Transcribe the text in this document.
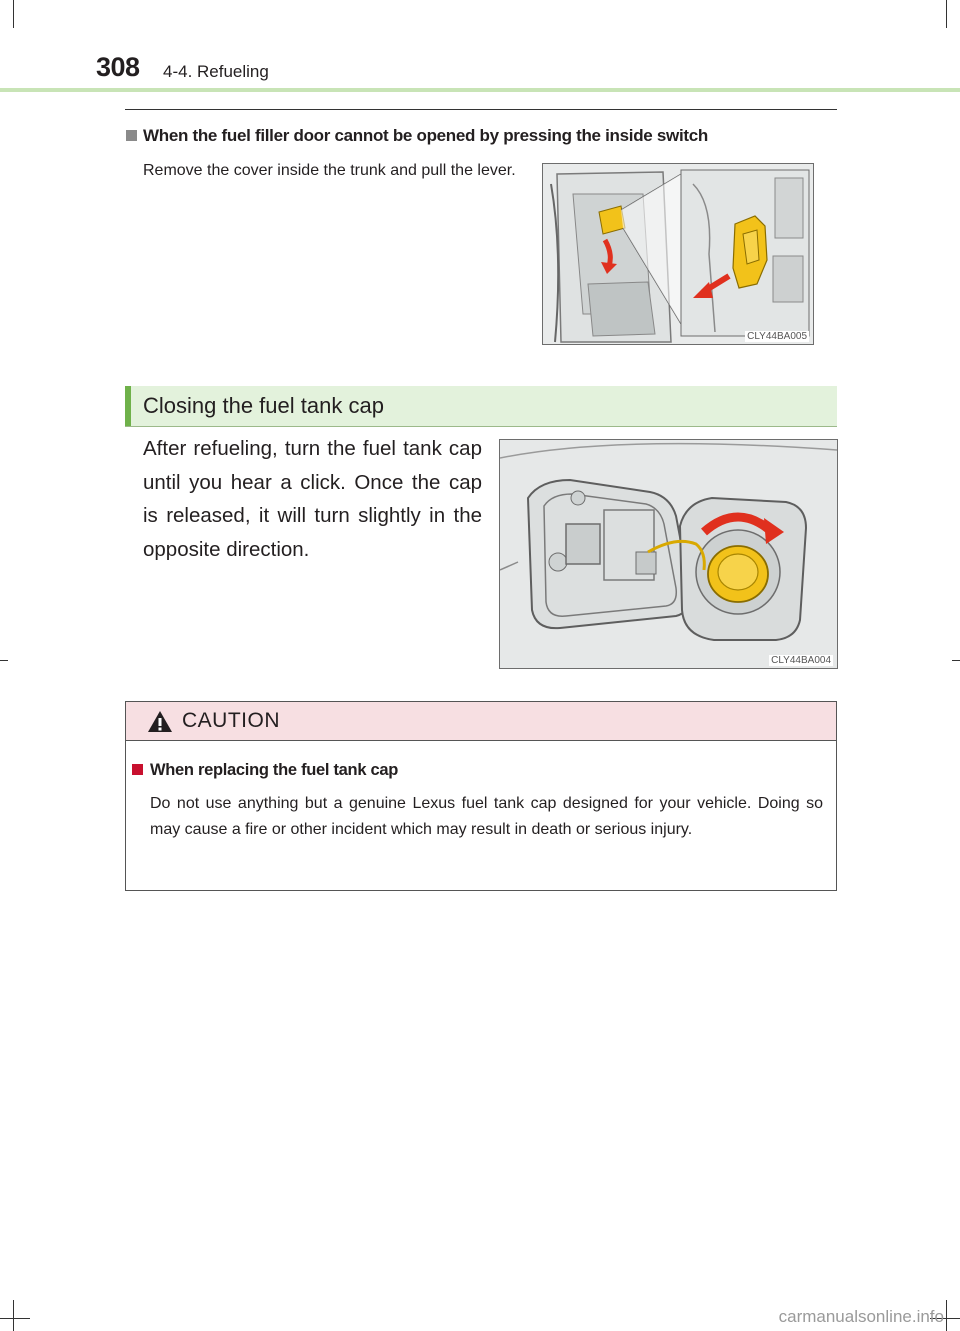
308 4-4. Refueling
When the fuel filler door cannot be opened by pressing the inside switch
Remove the cover inside the trunk and pull the lever.
CLY44BA005
Closing the fuel tank cap
After refueling, turn the fuel tank cap until you hear a click. Once the cap is released, it will turn slightly in the opposite direction.
CLY44BA004
CAUTION
When replacing the fuel tank cap
Do not use anything but a genuine Lexus fuel tank cap designed for your vehicle. Doing so may cause a fire or other incident which may result in death or serious injury.
carmanualsonline.info
